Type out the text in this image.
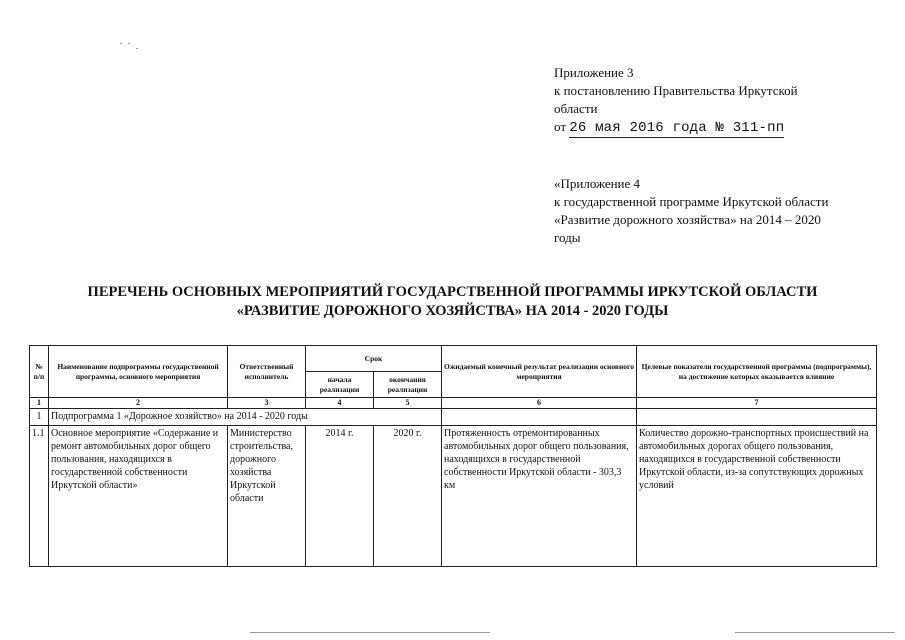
Приложение 3
к постановлению Правительства Иркутской
области
от 26 мая 2016 года № 311-пп
«Приложение 4
к государственной программе Иркутской области
«Развитие дорожного хозяйства» на 2014 – 2020
годы
ПЕРЕЧЕНЬ ОСНОВНЫХ МЕРОПРИЯТИЙ ГОСУДАРСТВЕННОЙ ПРОГРАММЫ ИРКУТСКОЙ ОБЛАСТИ
«РАЗВИТИЕ ДОРОЖНОГО ХОЗЯЙСТВА» НА 2014 - 2020 ГОДЫ
№ п/п	Наименование подпрограммы государственной программы, основного мероприятия	Ответственный исполнитель	Срок		Ожидаемый конечный результат реализации основного мероприятия	Целевые показатели государственной программы (подпрограммы), на достижение которых оказывается влияние
			начала реализации	окончания реализации		
1	2	3	4	5	6	7
1	Подпрограмма 1 «Дорожное хозяйство» на 2014 - 2020 годы					
1.1	Основное мероприятие «Содержание и ремонт автомобильных дорог общего пользования, находящихся в государственной собственности Иркутской области»	Министерство строительства, дорожного хозяйства Иркутской области	2014 г.	2020 г.	Протяженность отремонтированных автомобильных дорог общего пользования, находящихся в государственной собственности Иркутской области - 303,3 км	Количество дорожно-транспортных происшествий на автомобильных дорогах общего пользования, находящихся в государственной собственности Иркутской области, из-за сопутствующих дорожных условий
